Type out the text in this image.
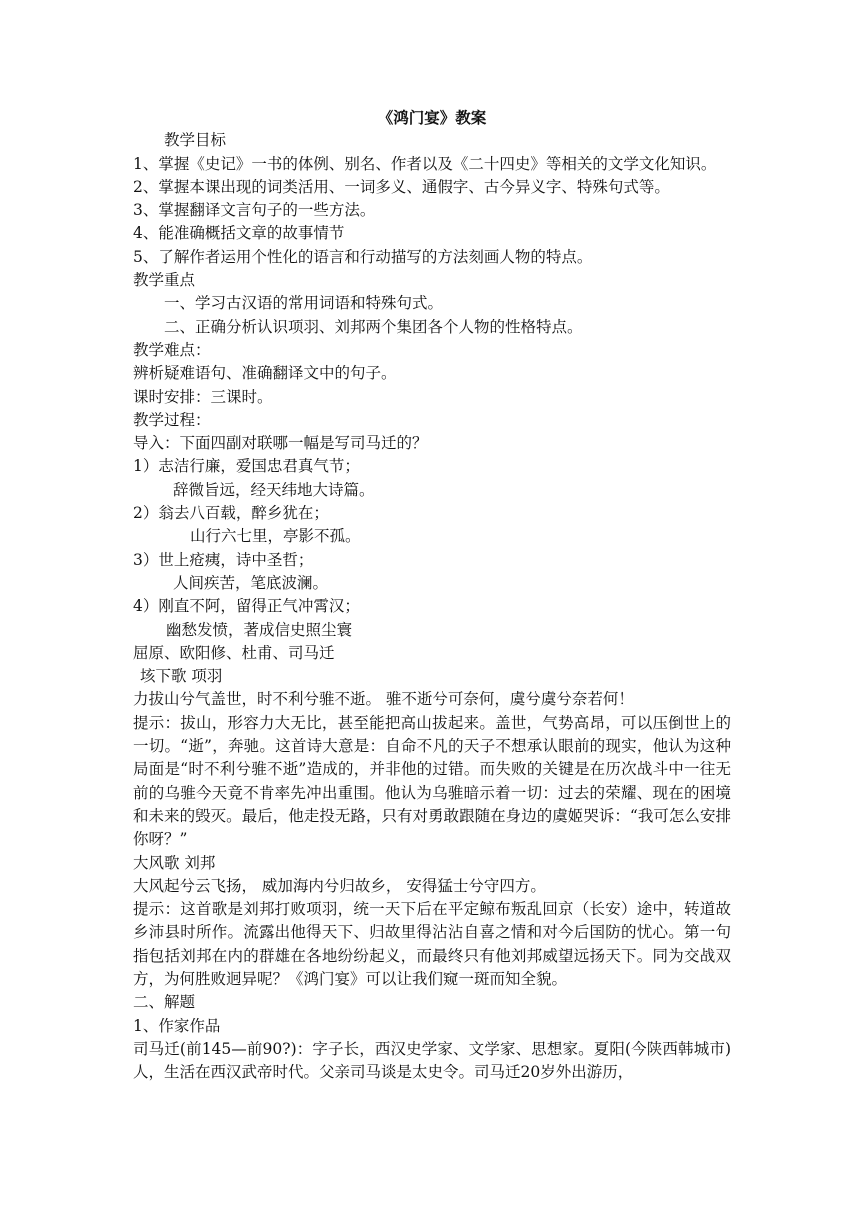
《鸿门宴》教案
教学目标
1、掌握《史记》一书的体例、别名、作者以及《二十四史》等相关的文学文化知识。
2、掌握本课出现的词类活用、一词多义、通假字、古今异义字、特殊句式等。
3、掌握翻译文言句子的一些方法。
4、能准确概括文章的故事情节
5、了解作者运用个性化的语言和行动描写的方法刻画人物的特点。
教学重点
一、学习古汉语的常用词语和特殊句式。
二、正确分析认识项羽、刘邦两个集团各个人物的性格特点。
教学难点：
辨析疑难语句、准确翻译文中的句子。
课时安排：三课时。
教学过程：
导入：下面四副对联哪一幅是写司马迁的？
1）志洁行廉，爱国忠君真气节；
辞微旨远，经天纬地大诗篇。
2）翁去八百载，醉乡犹在；
山行六七里，亭影不孤。
3）世上疮痍，诗中圣哲；
人间疾苦，笔底波澜。
4）刚直不阿，留得正气冲霄汉；
幽愁发愤，著成信史照尘寰
屈原、欧阳修、杜甫、司马迁
垓下歌 项羽
力拔山兮气盖世，时不利兮骓不逝。 骓不逝兮可奈何，虞兮虞兮奈若何！
提示：拔山，形容力大无比，甚至能把高山拔起来。盖世，气势高昂，可以压倒世上的一切。“逝”，奔驰。这首诗大意是：自命不凡的天子不想承认眼前的现实，他认为这种局面是“时不利兮骓不逝”造成的，并非他的过错。而失败的关键是在历次战斗中一往无前的乌骓今天竟不肯率先冲出重围。他认为乌骓暗示着一切：过去的荣耀、现在的困境和未来的毁灭。最后，他走投无路，只有对勇敢跟随在身边的虞姬哭诉：“我可怎么安排你呀？”
大风歌 刘邦
大风起兮云飞扬， 威加海内兮归故乡， 安得猛士兮守四方。
提示：这首歌是刘邦打败项羽，统一天下后在平定鲸布叛乱回京（长安）途中，转道故乡沛县时所作。流露出他得天下、归故里得沾沾自喜之情和对今后国防的忧心。第一句指包括刘邦在内的群雄在各地纷纷起义，而最终只有他刘邦威望远扬天下。同为交战双方，为何胜败迥异呢？《鸿门宴》可以让我们窥一斑而知全貌。
二、解题
1、作家作品
司马迁(前145—前90?)：字子长，西汉史学家、文学家、思想家。夏阳(今陕西韩城市)人，生活在西汉武帝时代。父亲司马谈是太史令。司马迁20岁外出游历，
